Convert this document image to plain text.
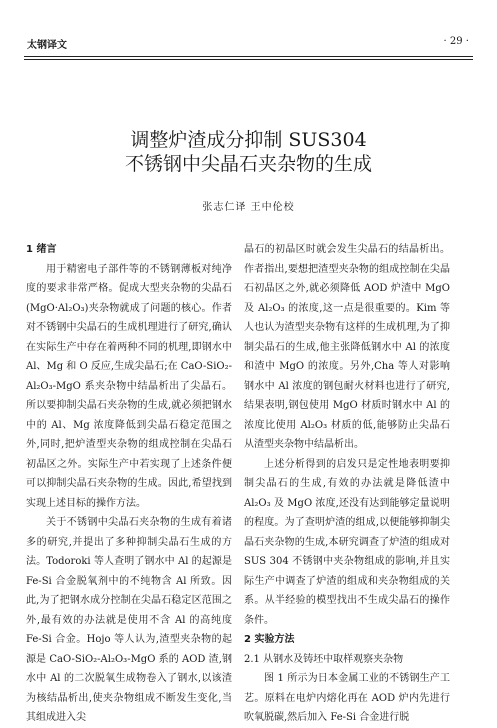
太钢译文	· 29 ·
调整炉渣成分抑制 SUS304
不锈钢中尖晶石夹杂物的生成
张志仁译 王中伦校

1 绪言

用于精密电子部件等的不锈钢薄板对纯净度的要求非常严格。促成大型夹杂物的尖晶石(MgO·Al₂O₃)夹杂物就成了问题的核心。作者对不锈钢中尖晶石的生成机理进行了研究,确认在实际生产中存在着两种不同的机理,即钢水中 Al、Mg 和 O 反应,生成尖晶石;在 CaO-SiO₂-Al₂O₃-MgO 系夹杂物中结晶析出了尖晶石。所以要抑制尖晶石夹杂物的生成,就必须把钢水中的 Al、Mg 浓度降低到尖晶石稳定范围之外,同时,把炉渣型夹杂物的组成控制在尖晶石初晶区之外。实际生产中若实现了上述条件便可以抑制尖晶石夹杂物的生成。因此,希望找到实现上述目标的操作方法。

关于不锈钢中尖晶石夹杂物的生成有着诸多的研究,并提出了多种抑制尖晶石生成的方法。Todoroki 等人查明了钢水中 Al 的起源是 Fe-Si 合金脱氧剂中的不纯物含 Al 所致。因此,为了把钢水成分控制在尖晶石稳定区范围之外,最有效的办法就是使用不含 Al 的高纯度 Fe-Si 合金。Hojo 等人认为,渣型夹杂物的起源是 CaO-SiO₂-Al₂O₃-MgO 系的 AOD 渣,钢水中 Al 的二次脱氧生成物卷入了钢水,以该渣为核结晶析出,使夹杂物组成不断发生变化,当其组成进入尖

晶石的初晶区时就会发生尖晶石的结晶析出。作者指出,要想把渣型夹杂物的组成控制在尖晶石初晶区之外,就必须降低 AOD 炉渣中 MgO 及 Al₂O₃ 的浓度,这一点是很重要的。Kim 等人也认为渣型夹杂物有这样的生成机理,为了抑制尖晶石的生成,他主张降低钢水中 Al 的浓度和渣中 MgO 的浓度。另外,Cha 等人对影响钢水中 Al 浓度的钢包耐火材料也进行了研究,结果表明,钢包使用 MgO 材质时钢水中 Al 的浓度比使用 Al₂O₃ 材质的低,能够防止尖晶石从渣型夹杂物中结晶析出。

上述分析得到的启发只是定性地表明要抑制尖晶石的生成,有效的办法就是降低渣中 Al₂O₃ 及 MgO 浓度,还没有达到能够定量说明的程度。为了查明炉渣的组成,以便能够抑制尖晶石夹杂物的生成,本研究调查了炉渣的组成对 SUS 304 不锈钢中夹杂物组成的影响,并且实际生产中调查了炉渣的组成和夹杂物组成的关系。从半经验的模型找出不生成尖晶石的操作条件。

2 实验方法

2.1 从钢水及铸坯中取样观察夹杂物

图 1 所示为日本金属工业的不锈钢生产工艺。原料在电炉内熔化再在 AOD 炉内先进行吹氧脱碳,然后加入 Fe-Si 合金进行脱
